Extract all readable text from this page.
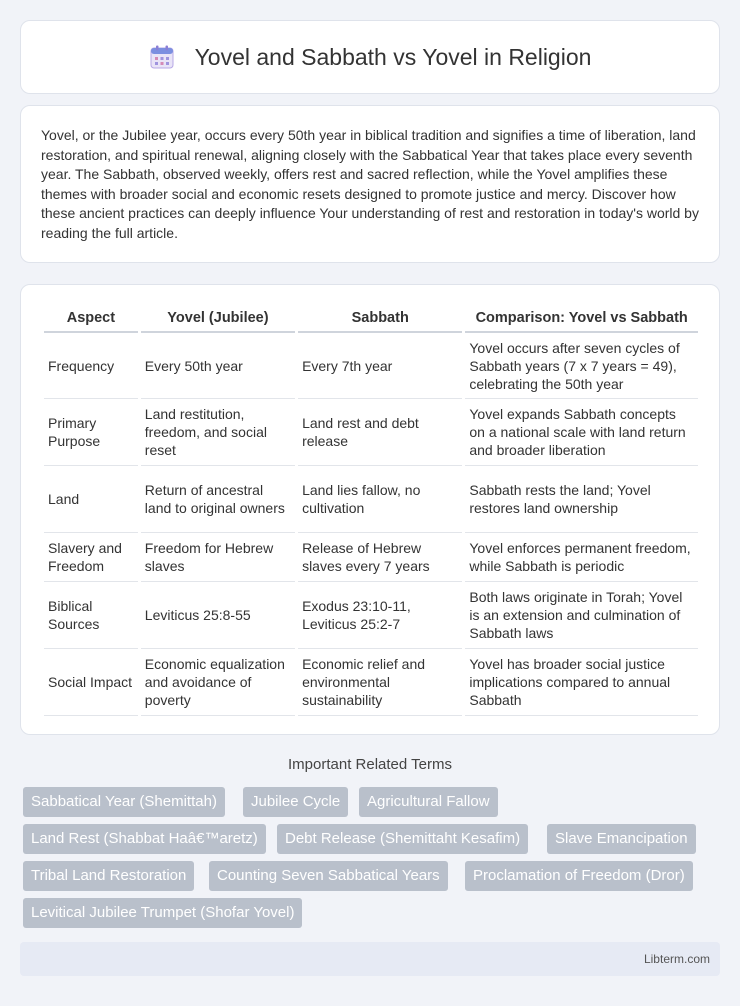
Yovel and Sabbath vs Yovel in Religion

Yovel, or the Jubilee year, occurs every 50th year in biblical tradition and signifies a time of liberation, land restoration, and spiritual renewal, aligning closely with the Sabbatical Year that takes place every seventh year. The Sabbath, observed weekly, offers rest and sacred reflection, while the Yovel amplifies these themes with broader social and economic resets designed to promote justice and mercy. Discover how these ancient practices can deeply influence Your understanding of rest and restoration in today's world by reading the full article.

Aspect	Yovel (Jubilee)	Sabbath	Comparison: Yovel vs Sabbath
Frequency	Every 50th year	Every 7th year	Yovel occurs after seven cycles of Sabbath years (7 x 7 years = 49), celebrating the 50th year
Primary Purpose	Land restitution, freedom, and social reset	Land rest and debt release	Yovel expands Sabbath concepts on a national scale with land return and broader liberation
Land	Return of ancestral land to original owners	Land lies fallow, no cultivation	Sabbath rests the land; Yovel restores land ownership
Slavery and Freedom	Freedom for Hebrew slaves	Release of Hebrew slaves every 7 years	Yovel enforces permanent freedom, while Sabbath is periodic
Biblical Sources	Leviticus 25:8-55	Exodus 23:10-11, Leviticus 25:2-7	Both laws originate in Torah; Yovel is an extension and culmination of Sabbath laws
Social Impact	Economic equalization and avoidance of poverty	Economic relief and environmental sustainability	Yovel has broader social justice implications compared to annual Sabbath
Important Related Terms
Sabbatical Year (Shemittah)	Jubilee Cycle	Agricultural Fallow
Land Rest (Shabbat Haâ€™aretz)	Debt Release (Shemittaht Kesafim)	Slave Emancipation
Tribal Land Restoration	Counting Seven Sabbatical Years	Proclamation of Freedom (Dror)
Levitical Jubilee Trumpet (Shofar Yovel)
Libterm.com
